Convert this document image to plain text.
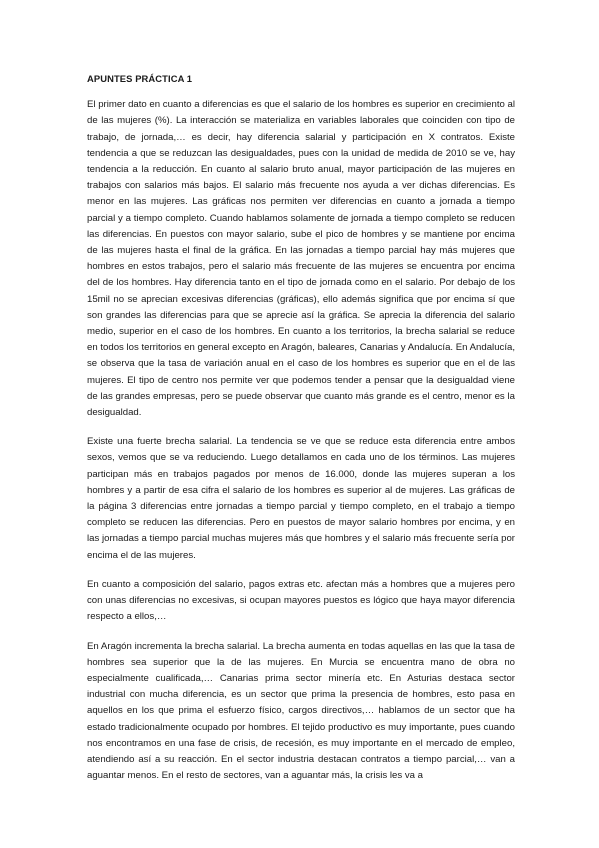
APUNTES PRÁCTICA 1

El primer dato en cuanto a diferencias es que el salario de los hombres es superior en crecimiento al de las mujeres (%). La interacción se materializa en variables laborales que coinciden con tipo de trabajo, de jornada,… es decir, hay diferencia salarial y participación en X contratos. Existe tendencia a que se reduzcan las desigualdades, pues con la unidad de medida de 2010 se ve, hay tendencia a la reducción. En cuanto al salario bruto anual, mayor participación de las mujeres en trabajos con salarios más bajos. El salario más frecuente nos ayuda a ver dichas diferencias. Es menor en las mujeres. Las gráficas nos permiten ver diferencias en cuanto a jornada a tiempo parcial y a tiempo completo. Cuando hablamos solamente de jornada a tiempo completo se reducen las diferencias. En puestos con mayor salario, sube el pico de hombres y se mantiene por encima de las mujeres hasta el final de la gráfica. En las jornadas a tiempo parcial hay más mujeres que hombres en estos trabajos, pero el salario más frecuente de las mujeres se encuentra por encima del de los hombres. Hay diferencia tanto en el tipo de jornada como en el salario. Por debajo de los 15mil no se aprecian excesivas diferencias (gráficas), ello además significa que por encima sí que son grandes las diferencias para que se aprecie así la gráfica. Se aprecia la diferencia del salario medio, superior en el caso de los hombres. En cuanto a los territorios, la brecha salarial se reduce en todos los territorios en general excepto en Aragón, baleares, Canarias y Andalucía. En Andalucía, se observa que la tasa de variación anual en el caso de los hombres es superior que en el de las mujeres. El tipo de centro nos permite ver que podemos tender a pensar que la desigualdad viene de las grandes empresas, pero se puede observar que cuanto más grande es el centro, menor es la desigualdad.

Existe una fuerte brecha salarial. La tendencia se ve que se reduce esta diferencia entre ambos sexos, vemos que se va reduciendo. Luego detallamos en cada uno de los términos. Las mujeres participan más en trabajos pagados por menos de 16.000, donde las mujeres superan a los hombres y a partir de esa cifra el salario de los hombres es superior al de mujeres. Las gráficas de la página 3 diferencias entre jornadas a tiempo parcial y tiempo completo, en el trabajo a tiempo completo se reducen las diferencias. Pero en puestos de mayor salario hombres por encima, y en las jornadas a tiempo parcial muchas mujeres más que hombres y el salario más frecuente sería por encima el de las mujeres.

En cuanto a composición del salario, pagos extras etc. afectan más a hombres que a mujeres pero con unas diferencias no excesivas, si ocupan mayores puestos es lógico que haya mayor diferencia respecto a ellos,…

En Aragón incrementa la brecha salarial. La brecha aumenta en todas aquellas en las que la tasa de hombres sea superior que la de las mujeres. En Murcia se encuentra mano de obra no especialmente cualificada,… Canarias prima sector minería etc. En Asturias destaca sector industrial con mucha diferencia, es un sector que prima la presencia de hombres, esto pasa en aquellos en los que prima el esfuerzo físico, cargos directivos,… hablamos de un sector que ha estado tradicionalmente ocupado por hombres. El tejido productivo es muy importante, pues cuando nos encontramos en una fase de crisis, de recesión, es muy importante en el mercado de empleo, atendiendo así a su reacción. En el sector industria destacan contratos a tiempo parcial,… van a aguantar menos. En el resto de sectores, van a aguantar más, la crisis les va a
